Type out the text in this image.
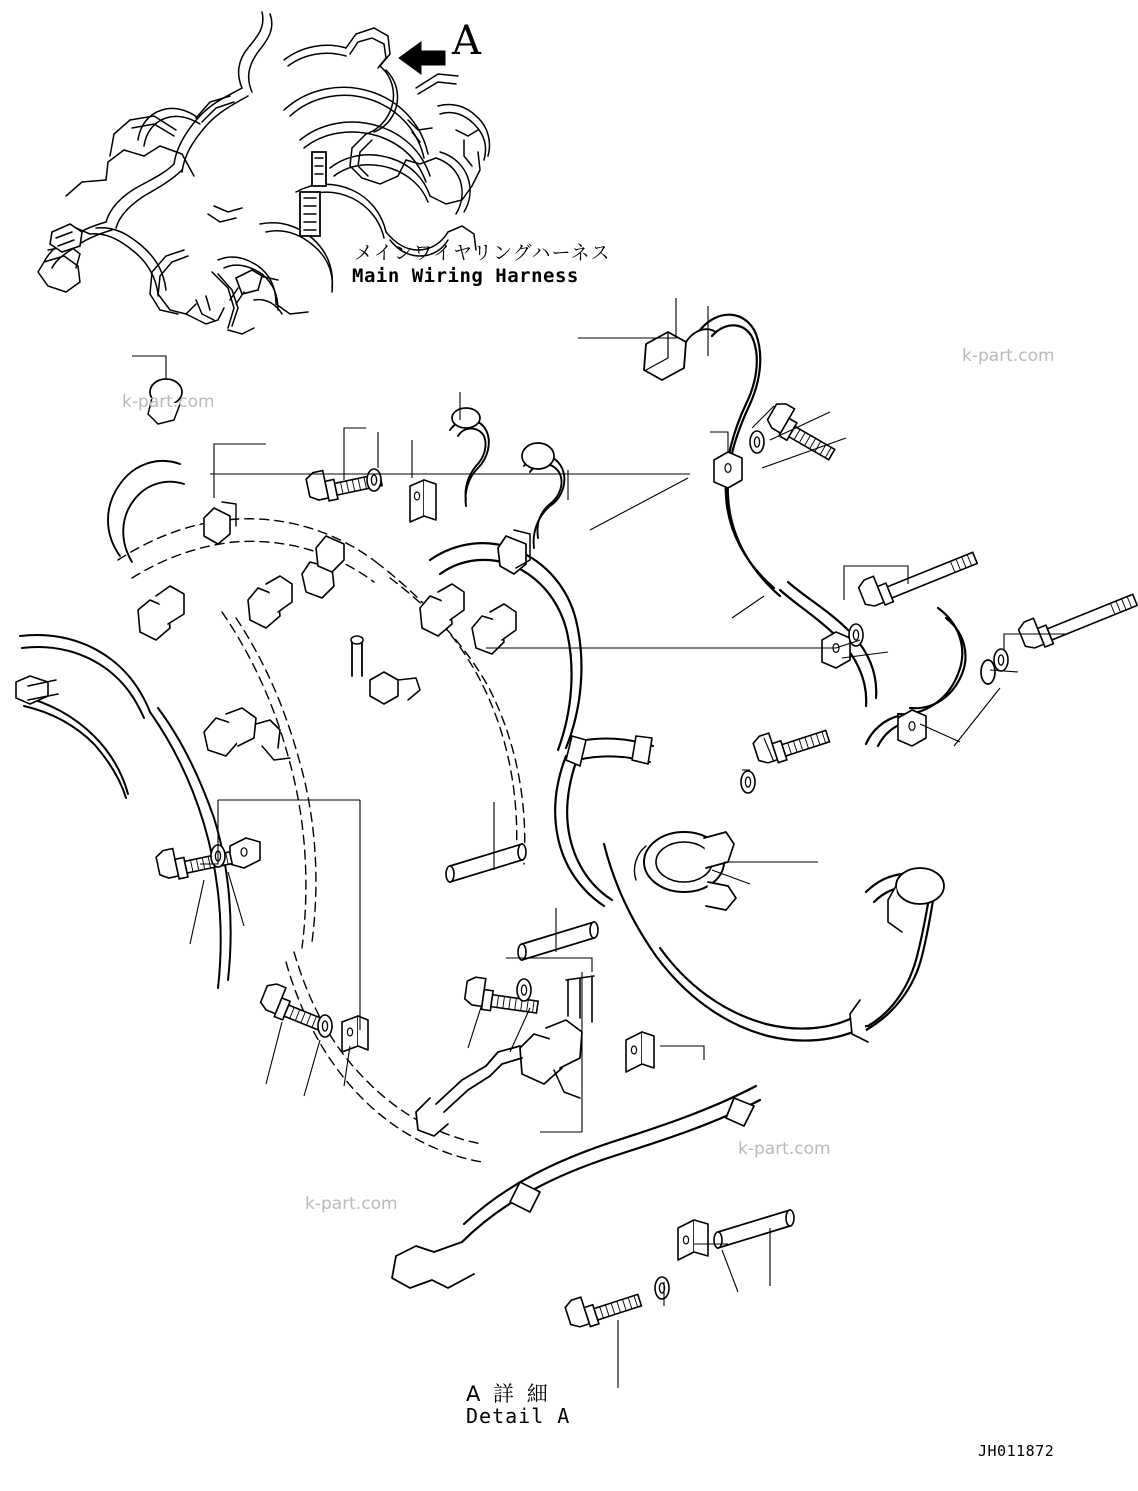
A
メインワイヤリングハーネス
Main Wiring Harness
A 詳 細
Detail A
JH011872
k-part.com
k-part.com
k-part.com
k-part.com
